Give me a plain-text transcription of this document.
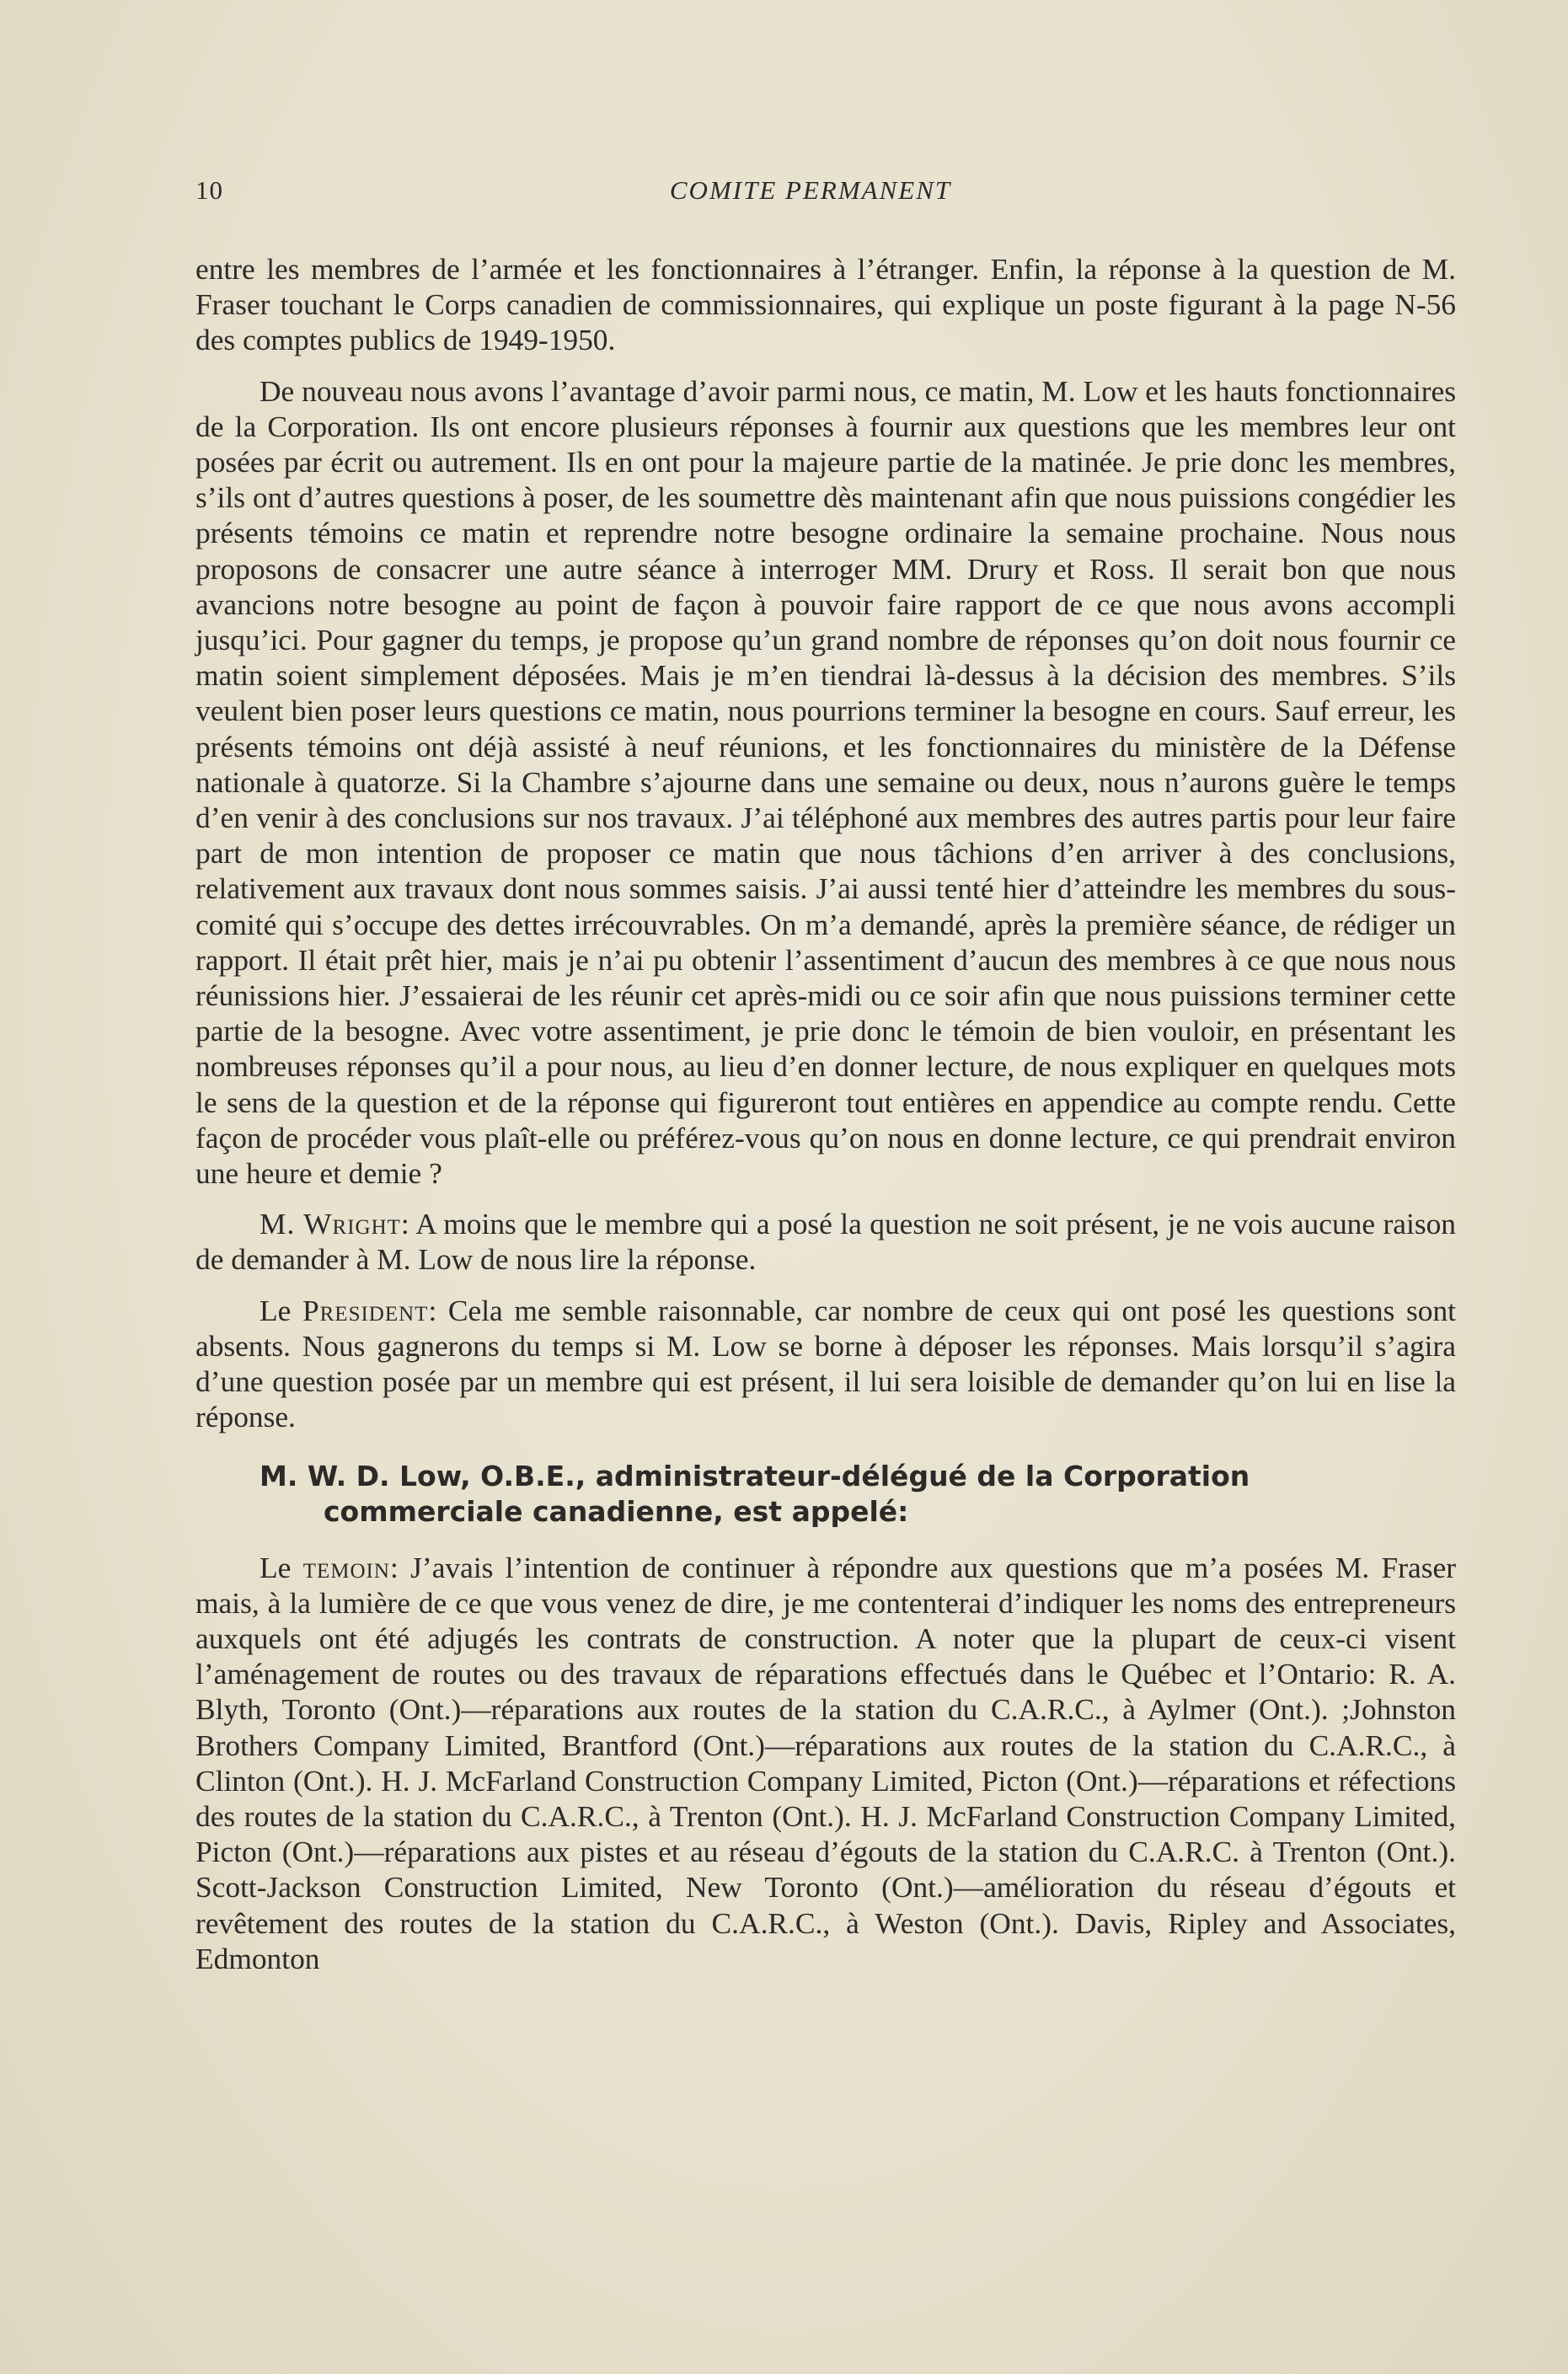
10	COMITE PERMANENT

entre les membres de l’armée et les fonctionnaires à l’étranger. Enfin, la réponse à la question de M. Fraser touchant le Corps canadien de commissionnaires, qui explique un poste figurant à la page N-56 des comptes publics de 1949-1950.

De nouveau nous avons l’avantage d’avoir parmi nous, ce matin, M. Low et les hauts fonctionnaires de la Corporation. Ils ont encore plusieurs réponses à fournir aux questions que les membres leur ont posées par écrit ou autrement. Ils en ont pour la majeure partie de la matinée. Je prie donc les membres, s’ils ont d’autres questions à poser, de les soumettre dès maintenant afin que nous puissions congédier les présents témoins ce matin et reprendre notre besogne ordinaire la semaine prochaine. Nous nous proposons de consacrer une autre séance à interroger MM. Drury et Ross. Il serait bon que nous avancions notre besogne au point de façon à pouvoir faire rapport de ce que nous avons accompli jusqu’ici. Pour gagner du temps, je propose qu’un grand nombre de réponses qu’on doit nous fournir ce matin soient simplement déposées. Mais je m’en tiendrai là-dessus à la décision des membres. S’ils veulent bien poser leurs questions ce matin, nous pourrions terminer la besogne en cours. Sauf erreur, les présents témoins ont déjà assisté à neuf réunions, et les fonctionnaires du ministère de la Défense nationale à quatorze. Si la Chambre s’ajourne dans une semaine ou deux, nous n’aurons guère le temps d’en venir à des conclusions sur nos travaux. J’ai téléphoné aux membres des autres partis pour leur faire part de mon intention de proposer ce matin que nous tâchions d’en arriver à des conclusions, relativement aux travaux dont nous sommes saisis. J’ai aussi tenté hier d’atteindre les membres du sous-comité qui s’occupe des dettes irrécouvrables. On m’a demandé, après la première séance, de rédiger un rapport. Il était prêt hier, mais je n’ai pu obtenir l’assentiment d’aucun des membres à ce que nous nous réunissions hier. J’essaierai de les réunir cet après-midi ou ce soir afin que nous puissions terminer cette partie de la besogne. Avec votre assentiment, je prie donc le témoin de bien vouloir, en présentant les nombreuses réponses qu’il a pour nous, au lieu d’en donner lecture, de nous expliquer en quelques mots le sens de la question et de la réponse qui figureront tout entières en appendice au compte rendu. Cette façon de procéder vous plaît-elle ou préférez-vous qu’on nous en donne lecture, ce qui prendrait environ une heure et demie ?

M. Wright: A moins que le membre qui a posé la question ne soit présent, je ne vois aucune raison de demander à M. Low de nous lire la réponse.

Le President: Cela me semble raisonnable, car nombre de ceux qui ont posé les questions sont absents. Nous gagnerons du temps si M. Low se borne à déposer les réponses. Mais lorsqu’il s’agira d’une question posée par un membre qui est présent, il lui sera loisible de demander qu’on lui en lise la réponse.

M. W. D. Low, O.B.E., administrateur-délégué de la Corporation
commerciale canadienne, est appelé:

Le temoin: J’avais l’intention de continuer à répondre aux questions que m’a posées M. Fraser mais, à la lumière de ce que vous venez de dire, je me contenterai d’indiquer les noms des entrepreneurs auxquels ont été adjugés les contrats de construction. A noter que la plupart de ceux-ci visent l’aménagement de routes ou des travaux de réparations effectués dans le Québec et l’Ontario: R. A. Blyth, Toronto (Ont.)—réparations aux routes de la station du C.A.R.C., à Aylmer (Ont.). ;Johnston Brothers Company Limited, Brantford (Ont.)—réparations aux routes de la station du C.A.R.C., à Clinton (Ont.). H. J. McFarland Construction Company Limited, Picton (Ont.)—réparations et réfections des routes de la station du C.A.R.C., à Trenton (Ont.). H. J. McFarland Construction Company Limited, Picton (Ont.)—réparations aux pistes et au réseau d’égouts de la station du C.A.R.C. à Trenton (Ont.). Scott-Jackson Construction Limited, New Toronto (Ont.)—amélioration du réseau d’égouts et revêtement des routes de la station du C.A.R.C., à Weston (Ont.). Davis, Ripley and Associates, Edmonton
